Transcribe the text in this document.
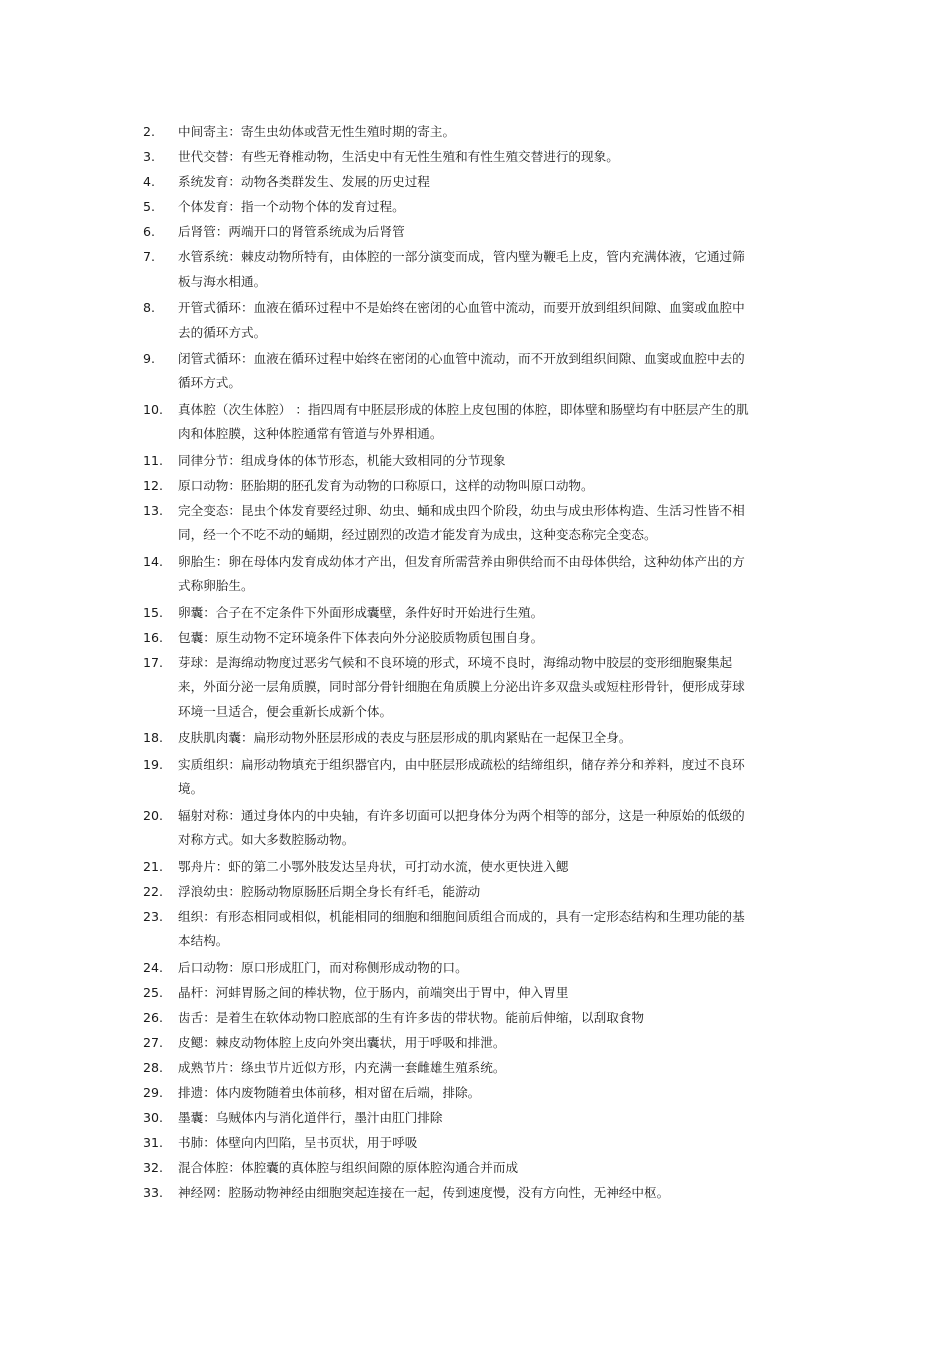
2.	中间寄主：寄生虫幼体或营无性生殖时期的寄主。
3.	世代交替：有些无脊椎动物，生活史中有无性生殖和有性生殖交替进行的现象。
4.	系统发育：动物各类群发生、发展的历史过程
5.	个体发育：指一个动物个体的发育过程。
6.	后肾管：两端开口的肾管系统成为后肾管
7.	水管系统：棘皮动物所特有，由体腔的一部分演变而成，管内壁为鞭毛上皮，管内充满体液，它通过筛板与海水相通。
8.	开管式循环：血液在循环过程中不是始终在密闭的心血管中流动，而要开放到组织间隙、血窦或血腔中去的循环方式。
9.	闭管式循环：血液在循环过程中始终在密闭的心血管中流动，而不开放到组织间隙、血窦或血腔中去的循环方式。
10.	真体腔（次生体腔） ：指四周有中胚层形成的体腔上皮包围的体腔，即体壁和肠壁均有中胚层产生的肌肉和体腔膜，这种体腔通常有管道与外界相通。
11.	同律分节：组成身体的体节形态，机能大致相同的分节现象
12.	原口动物：胚胎期的胚孔发育为动物的口称原口，这样的动物叫原口动物。
13.	完全变态：昆虫个体发育要经过卵、幼虫、蛹和成虫四个阶段，幼虫与成虫形体构造、生活习性皆不相同，经一个不吃不动的蛹期，经过剧烈的改造才能发育为成虫，这种变态称完全变态。
14.	卵胎生：卵在母体内发育成幼体才产出，但发育所需营养由卵供给而不由母体供给，这种幼体产出的方式称卵胎生。
15.	卵囊：合子在不定条件下外面形成囊壁，条件好时开始进行生殖。
16.	包囊：原生动物不定环境条件下体表向外分泌胶质物质包围自身。
17.	芽球：是海绵动物度过恶劣气候和不良环境的形式，环境不良时，海绵动物中胶层的变形细胞聚集起来，外面分泌一层角质膜，同时部分骨针细胞在角质膜上分泌出许多双盘头或短柱形骨针，便形成芽球环境一旦适合，便会重新长成新个体。
18.	皮肤肌肉囊：扁形动物外胚层形成的表皮与胚层形成的肌肉紧贴在一起保卫全身。
19.	实质组织：扁形动物填充于组织器官内，由中胚层形成疏松的结缔组织，储存养分和养料，度过不良环境。
20.	辐射对称：通过身体内的中央轴，有许多切面可以把身体分为两个相等的部分，这是一种原始的低级的对称方式。如大多数腔肠动物。
21.	鄂舟片：虾的第二小鄂外肢发达呈舟状，可打动水流，使水更快进入鳃
22.	浮浪幼虫：腔肠动物原肠胚后期全身长有纤毛，能游动
23.	组织：有形态相同或相似，机能相同的细胞和细胞间质组合而成的，具有一定形态结构和生理功能的基本结构。
24.	后口动物：原口形成肛门，而对称侧形成动物的口。
25.	晶杆：河蚌胃肠之间的棒状物，位于肠内，前端突出于胃中，伸入胃里
26.	齿舌：是着生在软体动物口腔底部的生有许多齿的带状物。能前后伸缩，以刮取食物
27.	皮鳃：棘皮动物体腔上皮向外突出囊状，用于呼吸和排泄。
28.	成熟节片：绦虫节片近似方形，内充满一套雌雄生殖系统。
29.	排遗：体内废物随着虫体前移，相对留在后端，排除。
30.	墨囊：乌贼体内与消化道伴行，墨汁由肛门排除
31.	书肺：体壁向内凹陷，呈书页状，用于呼吸
32.	混合体腔：体腔囊的真体腔与组织间隙的原体腔沟通合并而成
33.	神经网：腔肠动物神经由细胞突起连接在一起，传到速度慢，没有方向性，无神经中枢。
